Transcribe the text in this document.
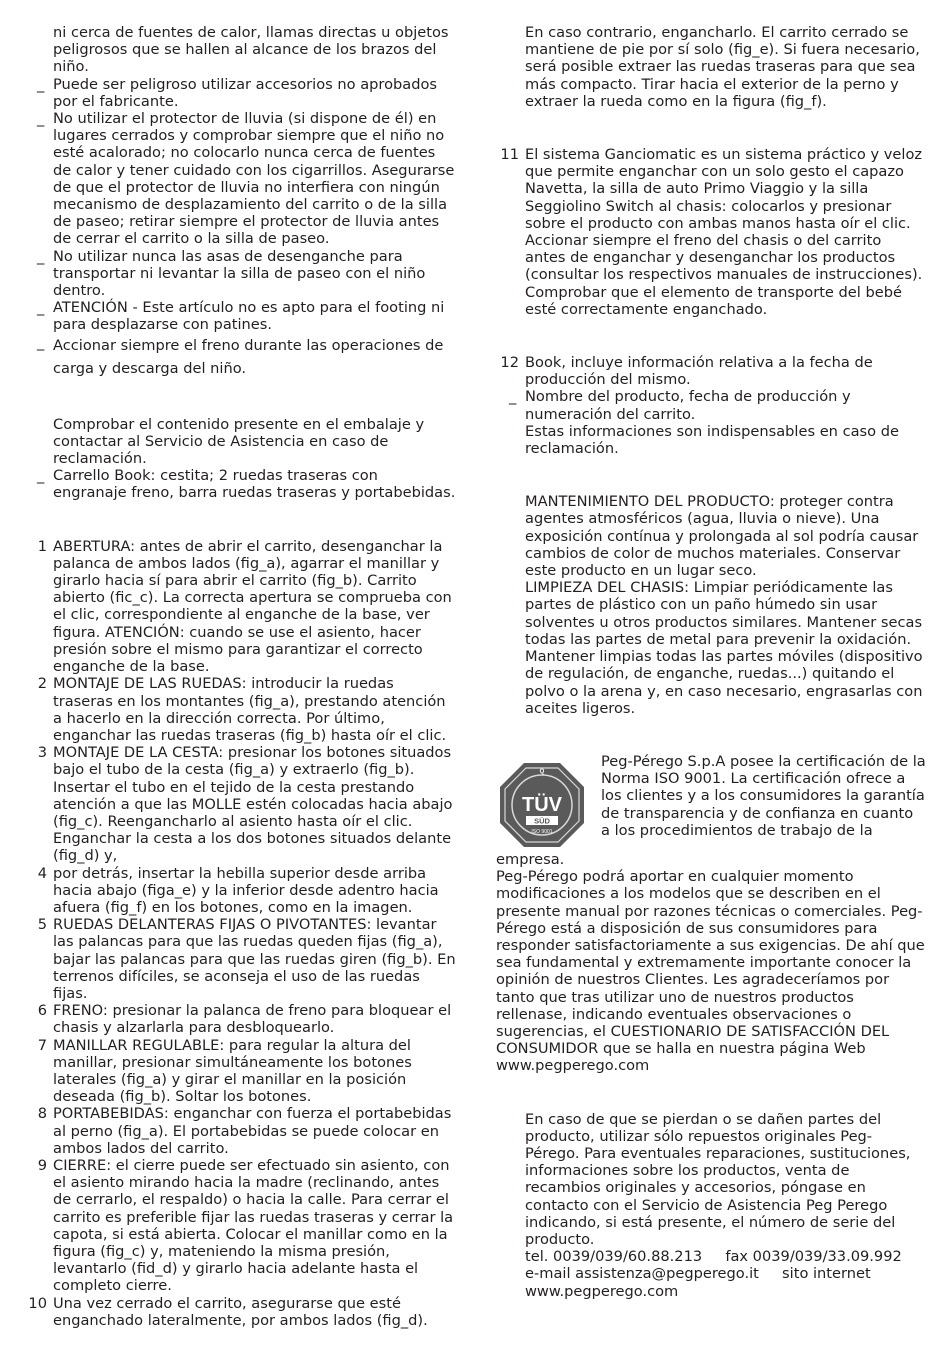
ni cerca de fuentes de calor, llamas directas u objetos peligrosos que se hallen al alcance de los brazos del niño.
_ Puede ser peligroso utilizar accesorios no aprobados por el fabricante.
_ No utilizar el protector de lluvia (si dispone de él) en lugares cerrados y comprobar siempre que el niño no esté acalorado; no colocarlo nunca cerca de fuentes de calor y tener cuidado con los cigarrillos. Asegurarse de que el protector de lluvia no interfiera con ningún mecanismo de desplazamiento del carrito o de la silla de paseo; retirar siempre el protector de lluvia antes de cerrar el carrito o la silla de paseo.
_ No utilizar nunca las asas de desenganche para transportar ni levantar la silla de paseo con el niño dentro.
_ ATENCIÓN - Este artículo no es apto para el footing ni para desplazarse con patines.
_ Accionar siempre el freno durante las operaciones de carga y descarga del niño.
Comprobar el contenido presente en el embalaje y contactar al Servicio de Asistencia en caso de reclamación.
_ Carrello Book: cestita; 2 ruedas traseras con engranaje freno, barra ruedas traseras y portabebidas.
1 ABERTURA: antes de abrir el carrito, desenganchar la palanca de ambos lados (fig_a), agarrar el manillar y girarlo hacia sí para abrir el carrito (fig_b). Carrito abierto (fic_c). La correcta apertura se comprueba con el clic, correspondiente al enganche de la base, ver figura. ATENCIÓN: cuando se use el asiento, hacer presión sobre el mismo para garantizar el correcto enganche de la base.
2 MONTAJE DE LAS RUEDAS: introducir la ruedas traseras en los montantes (fig_a), prestando atención a hacerlo en la dirección correcta. Por último, enganchar las ruedas traseras (fig_b) hasta oír el clic.
3 MONTAJE DE LA CESTA: presionar los botones situados bajo el tubo de la cesta (fig_a) y extraerlo (fig_b). Insertar el tubo en el tejido de la cesta prestando atención a que las MOLLE estén colocadas hacia abajo (fig_c). Reengancharlo al asiento hasta oír el clic. Enganchar la cesta a los dos botones situados delante (fig_d) y,
4 por detrás, insertar la hebilla superior desde arriba hacia abajo (figa_e) y la inferior desde adentro hacia afuera (fig_f) en los botones, como en la imagen.
5 RUEDAS DELANTERAS FIJAS O PIVOTANTES: levantar las palancas para que las ruedas queden fijas (fig_a), bajar las palancas para que las ruedas giren (fig_b). En terrenos difíciles, se aconseja el uso de las ruedas fijas.
6 FRENO: presionar la palanca de freno para bloquear el chasis y alzarlarla para desbloquearlo.
7 MANILLAR REGULABLE: para regular la altura del manillar, presionar simultáneamente los botones laterales (fig_a) y girar el manillar en la posición deseada (fig_b). Soltar los botones.
8 PORTABEBIDAS: enganchar con fuerza el portabebidas al perno (fig_a). El portabebidas se puede colocar en ambos lados del carrito.
9 CIERRE: el cierre puede ser efectuado sin asiento, con el asiento mirando hacia la madre (reclinando, antes de cerrarlo, el respaldo) o hacia la calle. Para cerrar el carrito es preferible fijar las ruedas traseras y cerrar la capota, si está abierta. Colocar el manillar como en la figura (fig_c) y, mateniendo la misma presión, levantarlo (fid_d) y girarlo hacia adelante hasta el completo cierre.
10 Una vez cerrado el carrito, asegurarse que esté enganchado lateralmente, por ambos lados (fig_d).
En caso contrario, engancharlo. El carrito cerrado se mantiene de pie por sí solo (fig_e). Si fuera necesario, será posible extraer las ruedas traseras para que sea más compacto. Tirar hacia el exterior de la perno y extraer la rueda como en la figura (fig_f).
11 El sistema Ganciomatic es un sistema práctico y veloz que permite enganchar con un solo gesto el capazo Navetta, la silla de auto Primo Viaggio y la silla Seggiolino Switch al chasis: colocarlos y presionar sobre el producto con ambas manos hasta oír el clic. Accionar siempre el freno del chasis o del carrito antes de enganchar y desenganchar los productos (consultar los respectivos manuales de instrucciones). Comprobar que el elemento de transporte del bebé esté correctamente enganchado.
12 Book, incluye información relativa a la fecha de producción del mismo.
_ Nombre del producto, fecha de producción y numeración del carrito.
Estas informaciones son indispensables en caso de reclamación.
MANTENIMIENTO DEL PRODUCTO: proteger contra agentes atmosféricos (agua, lluvia o nieve). Una exposición contínua y prolongada al sol podría causar cambios de color de muchos materiales. Conservar este producto en un lugar seco.
LIMPIEZA DEL CHASIS: Limpiar periódicamente las partes de plástico con un paño húmedo sin usar solventes u otros productos similares. Mantener secas todas las partes de metal para prevenir la oxidación. Mantener limpias todas las partes móviles (dispositivo de regulación, de enganche, ruedas...) quitando el polvo o la arena y, en caso necesario, engrasarlas con aceites ligeros.
TÜV
SÜD
ISO 9001
Q
Peg-Pérego S.p.A posee la certificación de la Norma ISO 9001. La certificación ofrece a los clientes y a los consumidores la garantía de transparencia y de confianza en cuanto a los procedimientos de trabajo de la
empresa.
Peg-Pérego podrá aportar en cualquier momento modificaciones a los modelos que se describen en el presente manual por razones técnicas o comerciales. Peg-Pérego está a disposición de sus consumidores para responder satisfactoriamente a sus exigencias. De ahí que sea fundamental y extremamente importante conocer la opinión de nuestros Clientes. Les agradeceríamos por tanto que tras utilizar uno de nuestros productos rellenase, indicando eventuales observaciones o sugerencias, el CUESTIONARIO DE SATISFACCIÓN DEL CONSUMIDOR que se halla en nuestra página Web www.pegperego.com
En caso de que se pierdan o se dañen partes del producto, utilizar sólo repuestos originales Peg-Pérego. Para eventuales reparaciones, sustituciones, informaciones sobre los productos, venta de recambios originales y accesorios, póngase en contacto con el Servicio de Asistencia Peg Perego indicando, si está presente, el número de serie del producto.
tel. 0039/039/60.88.213     fax 0039/039/33.09.992
e-mail assistenza@pegperego.it     sito internet www.pegperego.com
